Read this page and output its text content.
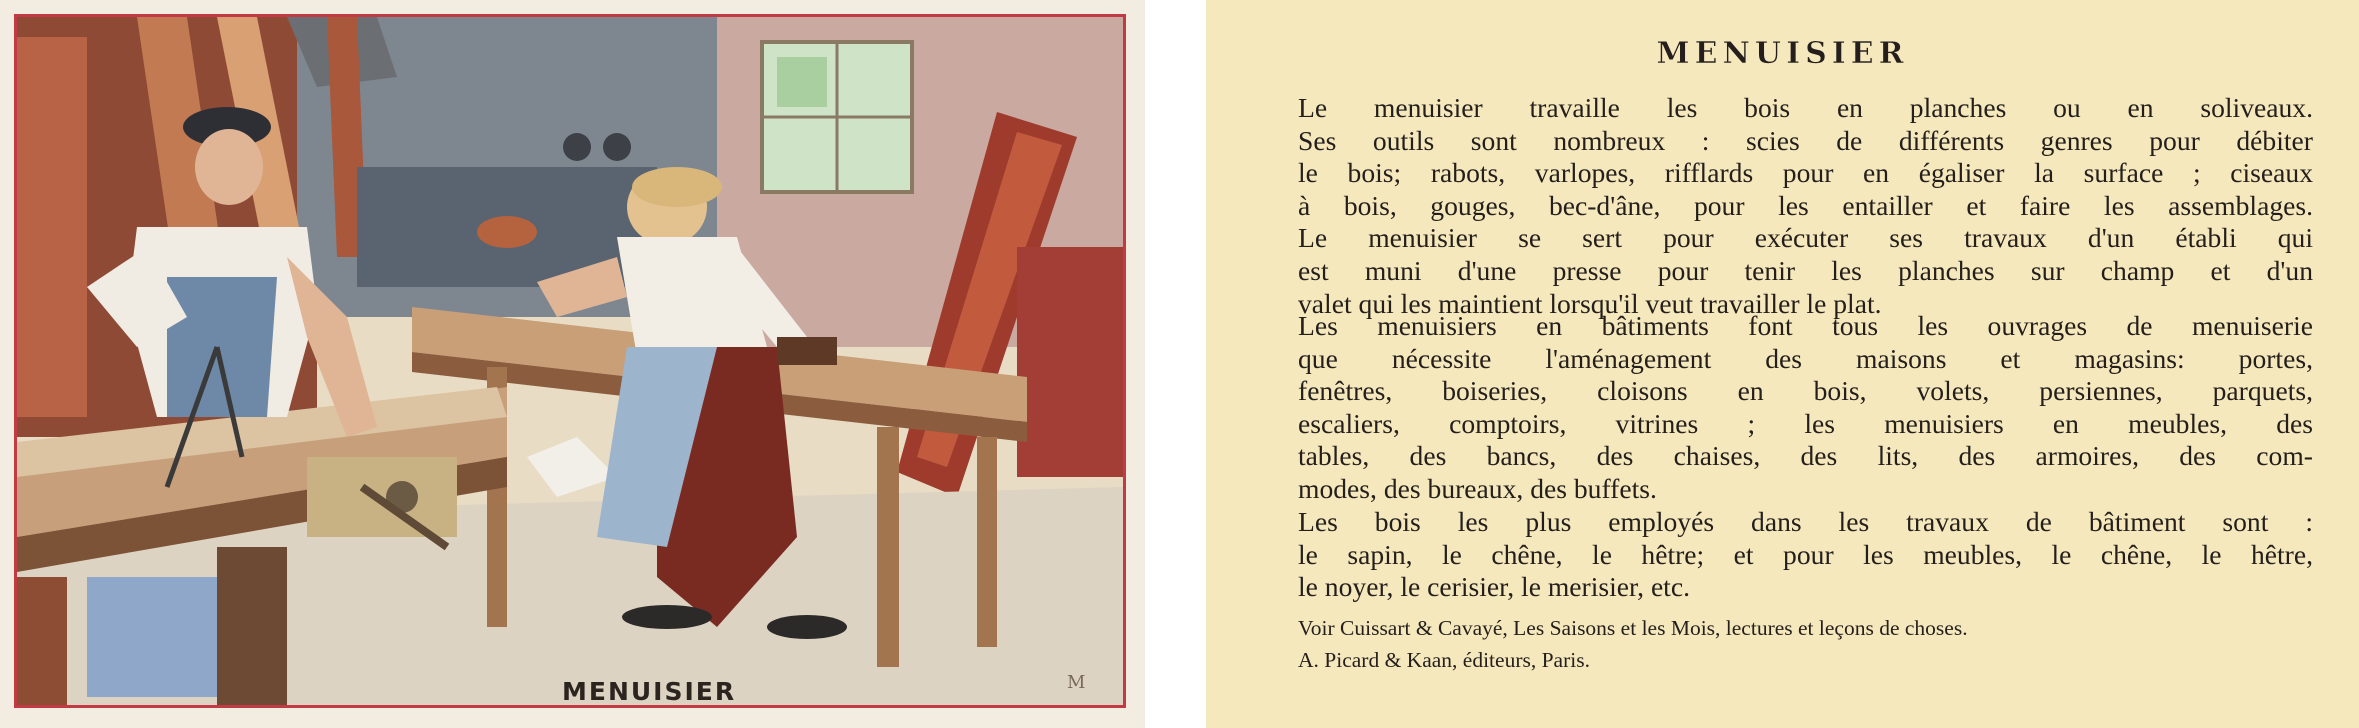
MENUISIER	M
MENUISIER
Le menuisier travaille les bois en planches ou en soliveaux.
Ses outils sont nombreux : scies de différents genres pour débiter
le bois; rabots, varlopes, rifflards pour en égaliser la surface ; ciseaux
à bois, gouges, bec-d'âne, pour les entailler et faire les assemblages.
Le menuisier se sert pour exécuter ses travaux d'un établi qui
est muni d'une presse pour tenir les planches sur champ et d'un
valet qui les maintient lorsqu'il veut travailler le plat.
Les menuisiers en bâtiments font tous les ouvrages de menuiserie
que nécessite l'aménagement des maisons et magasins: portes,
fenêtres, boiseries, cloisons en bois, volets, persiennes, parquets,
escaliers, comptoirs, vitrines ; les menuisiers en meubles, des
tables, des bancs, des chaises, des lits, des armoires, des com-
modes, des bureaux, des buffets.
Les bois les plus employés dans les travaux de bâtiment sont :
le sapin, le chêne, le hêtre; et pour les meubles, le chêne, le hêtre,
le noyer, le cerisier, le merisier, etc.
Voir Cuissart & Cavayé, Les Saisons et les Mois, lectures et leçons de choses.
A. Picard & Kaan, éditeurs, Paris.
